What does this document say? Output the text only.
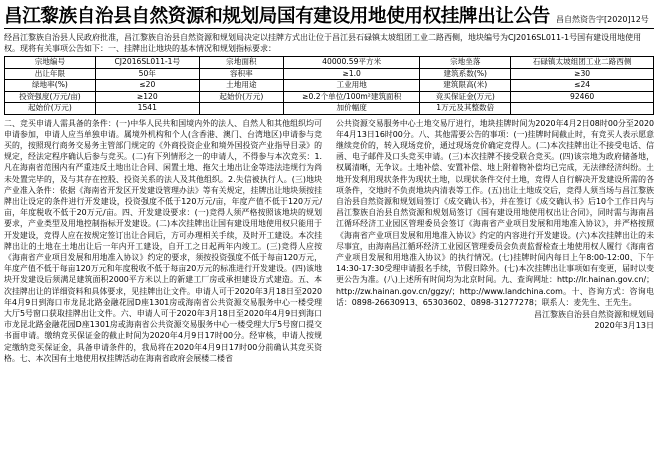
昌江黎族自治县自然资源和规划局国有建设用地使用权挂牌出让公告 昌自然资告字[2020]12号
经昌江黎族自治县人民政府批准，昌江黎族自治县自然资源和规划局决定以挂牌方式出让位于昌江县石碌镇太坡组团工业二路西侧，地块编号为CJ2016SL011-1号国有建设用地使用权。现将有关事项公告如下：一、挂牌出让地块的基本情况和规划指标要求：
宗地编号	CJ2016SL011-1号	宗地面积	40000.59平方米	宗地坐落	石碌镇太坡组团工业二路西侧
出让年限	50年	容积率	≥1.0	建筑系数(%)	≥30
绿地率(%)	≤20	土地用途	工业用地	建筑限高(米)	≤24
投资强度(万元/亩)	≥120	起始价(万元)	≥0.2个单位/100m²建筑面积	竞买保证金(万元)	92460
起始价(万元)	1541		加价幅度	1万元及其整数倍	

二、竞买申请人需具备的条件：(一)中华人民共和国境内外的法人、自然人和其他组织均可申请参加，申请人应当单独申请。属境外机构和个人(含香港、澳门、台湾地区)申请参与竞买的，按照现行商务交易务主管部门规定的《外商投资企业和境外国投资产业指导目录》的规定，经法定程序确认后参与竞买。(二)有下列情形之一的申请人，不得参与本次竞买：1.凡在海南省范围内有严重违反土地出让合同、闲置土地、拖欠土地出让金等违法违规行为尚未处置完毕的，及与其存在控股、投资关系的法人及其他组织。2.失信被执行人。(三)地块产业准入条件：依据《海南省开发区开发建设管理办法》等有关规定，挂牌出让地块须按挂牌出让设定的条件进行开发建设，投资强度不低于120万元/亩，年度产值不低于120万元/亩，年度税收不低于20万元/亩。四、开发建设要求：(一)竞得人须严格按照该地块的规划要求，产业类型及用地控制指标开发建设。(二)本次挂牌出让国有建设用地使用权只能用于开发建设，竞得人应在按规定签订出让合同后，方可办理相关手续，及时开工建设。本次挂牌出让的土地在土地出让后一年内开工建设，自开工之日起两年内竣工。(三)竞得人应按《海南省产业项目发展和用地准入协议》约定的要求，须按投资强度不低于每亩120万元，年度产值不低于每亩120万元和年度税收不低于每亩20万元的标准进行开发建设。(四)该地块开发建设后须满足建筑面积2000平方米以上的新建工厂房或承担建设方式建造。五、本次挂牌出让的详细资料和具体要求，见挂牌出让文件。申请人可于2020年3月18日至2020年4月9日到海口市龙昆北路金融花园D座1301房或海南省公共资源交易服务中心一楼受理大厅5号窗口获取挂牌出让文件。六、申请人可于2020年3月18日至2020年4月9日到海口市龙昆北路金融花园D座1301房或海南省公共资源交易服务中心一楼受理大厅5号窗口提交书面申请。缴纳竞买保证金的截止时间为2020年4月9日17时00分。经审核，申请人按规定缴纳竞买保证金，具备申请条件的，我局将在2020年4月9日17时00分前确认其竞买资格。七、本次国有土地使用权挂牌活动在海南省政府会展楼二楼省

公共资源交易服务中心土地交易厅进行，地块挂牌时间为2020年4月2日08时00分至2020年4月13日16时00分。八、其他需要公告的事项：(一)挂牌时间截止时，有竞买人表示愿意继续竞价的，转入现场竞价，通过现场竞价确定竞得人。(二)本次挂牌出让不接受电话、信函、电子邮件及口头竞买申请。(三)本次挂牌不接受联合竞买。(四)该宗地为政府储备地，权属清晰，无争议。土地补偿、安置补偿、地上附着物补偿均已完成，无法律经济纠纷。土地开发利用现状条件为现状土地，以现状条件交付土地，竞得人自行解决开发建设所需的各项条件，交地时不负责地块内清表等工作。(五)出让土地成交后，竞得人须当场与昌江黎族自治县自然资源和规划局签订《成交确认书》，并在签订《成交确认书》后10个工作日内与昌江黎族自治县自然资源和规划局签订《国有建设用地使用权出让合同》，同时需与海南昌江循环经济工业园区管理委员会签订《海南省产业项目发展和用地准入协议》，并严格按照《海南省产业项目发展和用地准入协议》约定的内容进行开发建设。(六)本次挂牌出让的未尽事宜，由海南昌江循环经济工业园区管理委员会负责监督检查土地使用权人履行《海南省产业项目发展和用地准入协议》的执行情况。(七)挂牌时间内每日上午8:00-12:00、下午14:30-17:30受理申请报名手续，节假日除外。(七)本次挂牌出让事项如有变更，届时以变更公告为准。(八)上述所有时间均为北京时间。九、查询网址：http://lr.hainan.gov.cn/；http://zw.hainan.gov.cn/ggzy/；http://www.landchina.com。十、咨询方式：咨询电话：0898-26630913、65303602、0898-31277278；联系人：麦先生、王先生。

昌江黎族自治县自然资源和规划局
2020年3月13日
